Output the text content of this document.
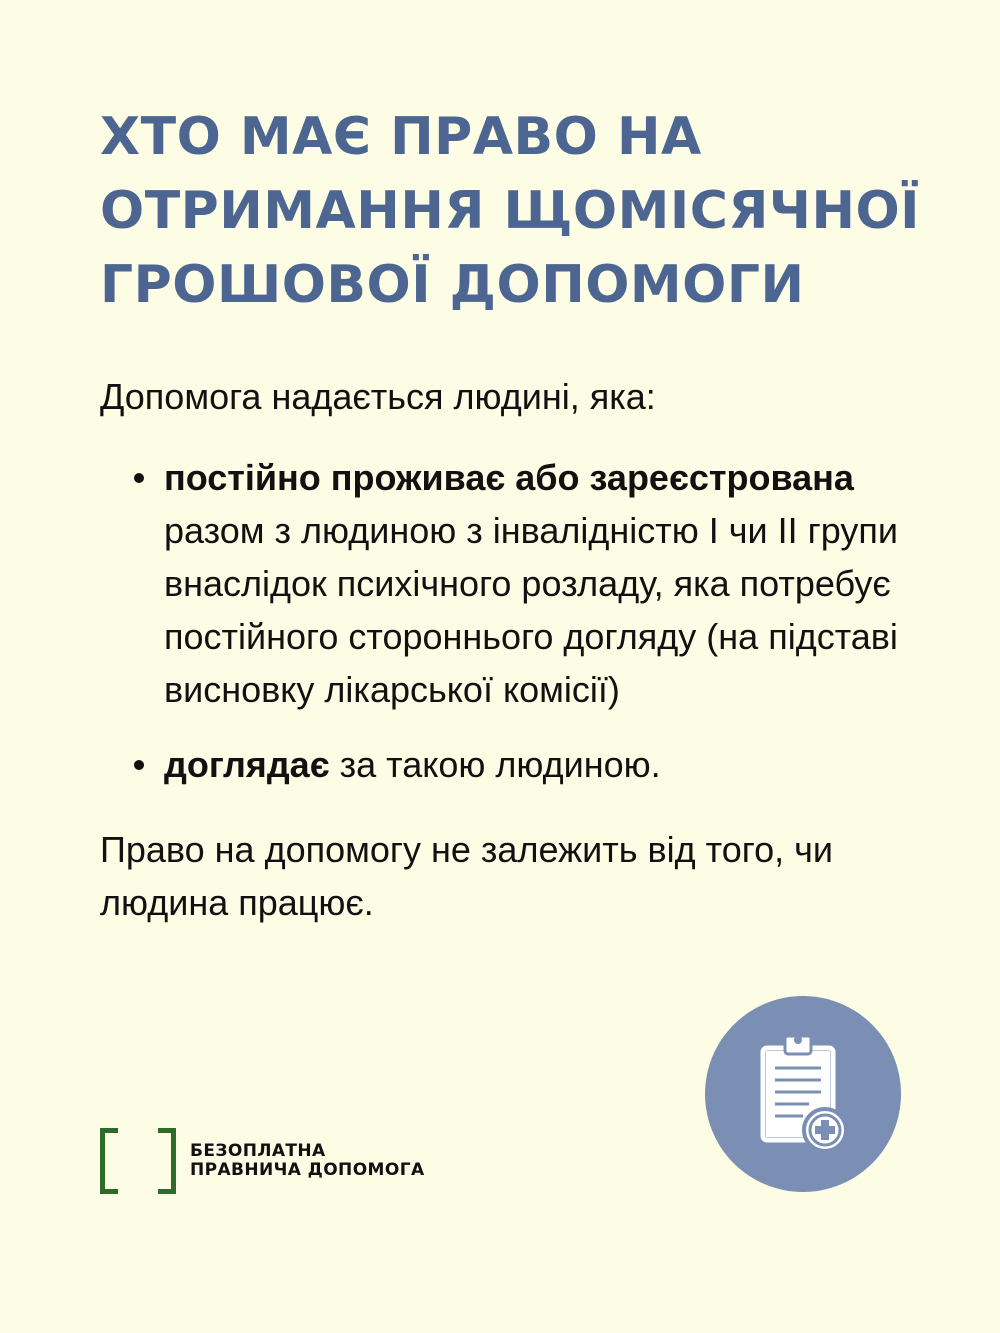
ХТО МАЄ ПРАВО НА
ОТРИМАННЯ ЩОМІСЯЧНОЇ
ГРОШОВОЇ ДОПОМОГИ

Допомога надається людині, яка:

постійно проживає або зареєстрована разом з людиною з інвалідністю І чи ІІ групи внаслідок психічного розладу, яка потребує постійного стороннього догляду (на підставі висновку лікарської комісії)
доглядає за такою людиною.

Право на допомогу не залежить від того, чи людина працює.

БЕЗОПЛАТНА
ПРАВНИЧА ДОПОМОГА
